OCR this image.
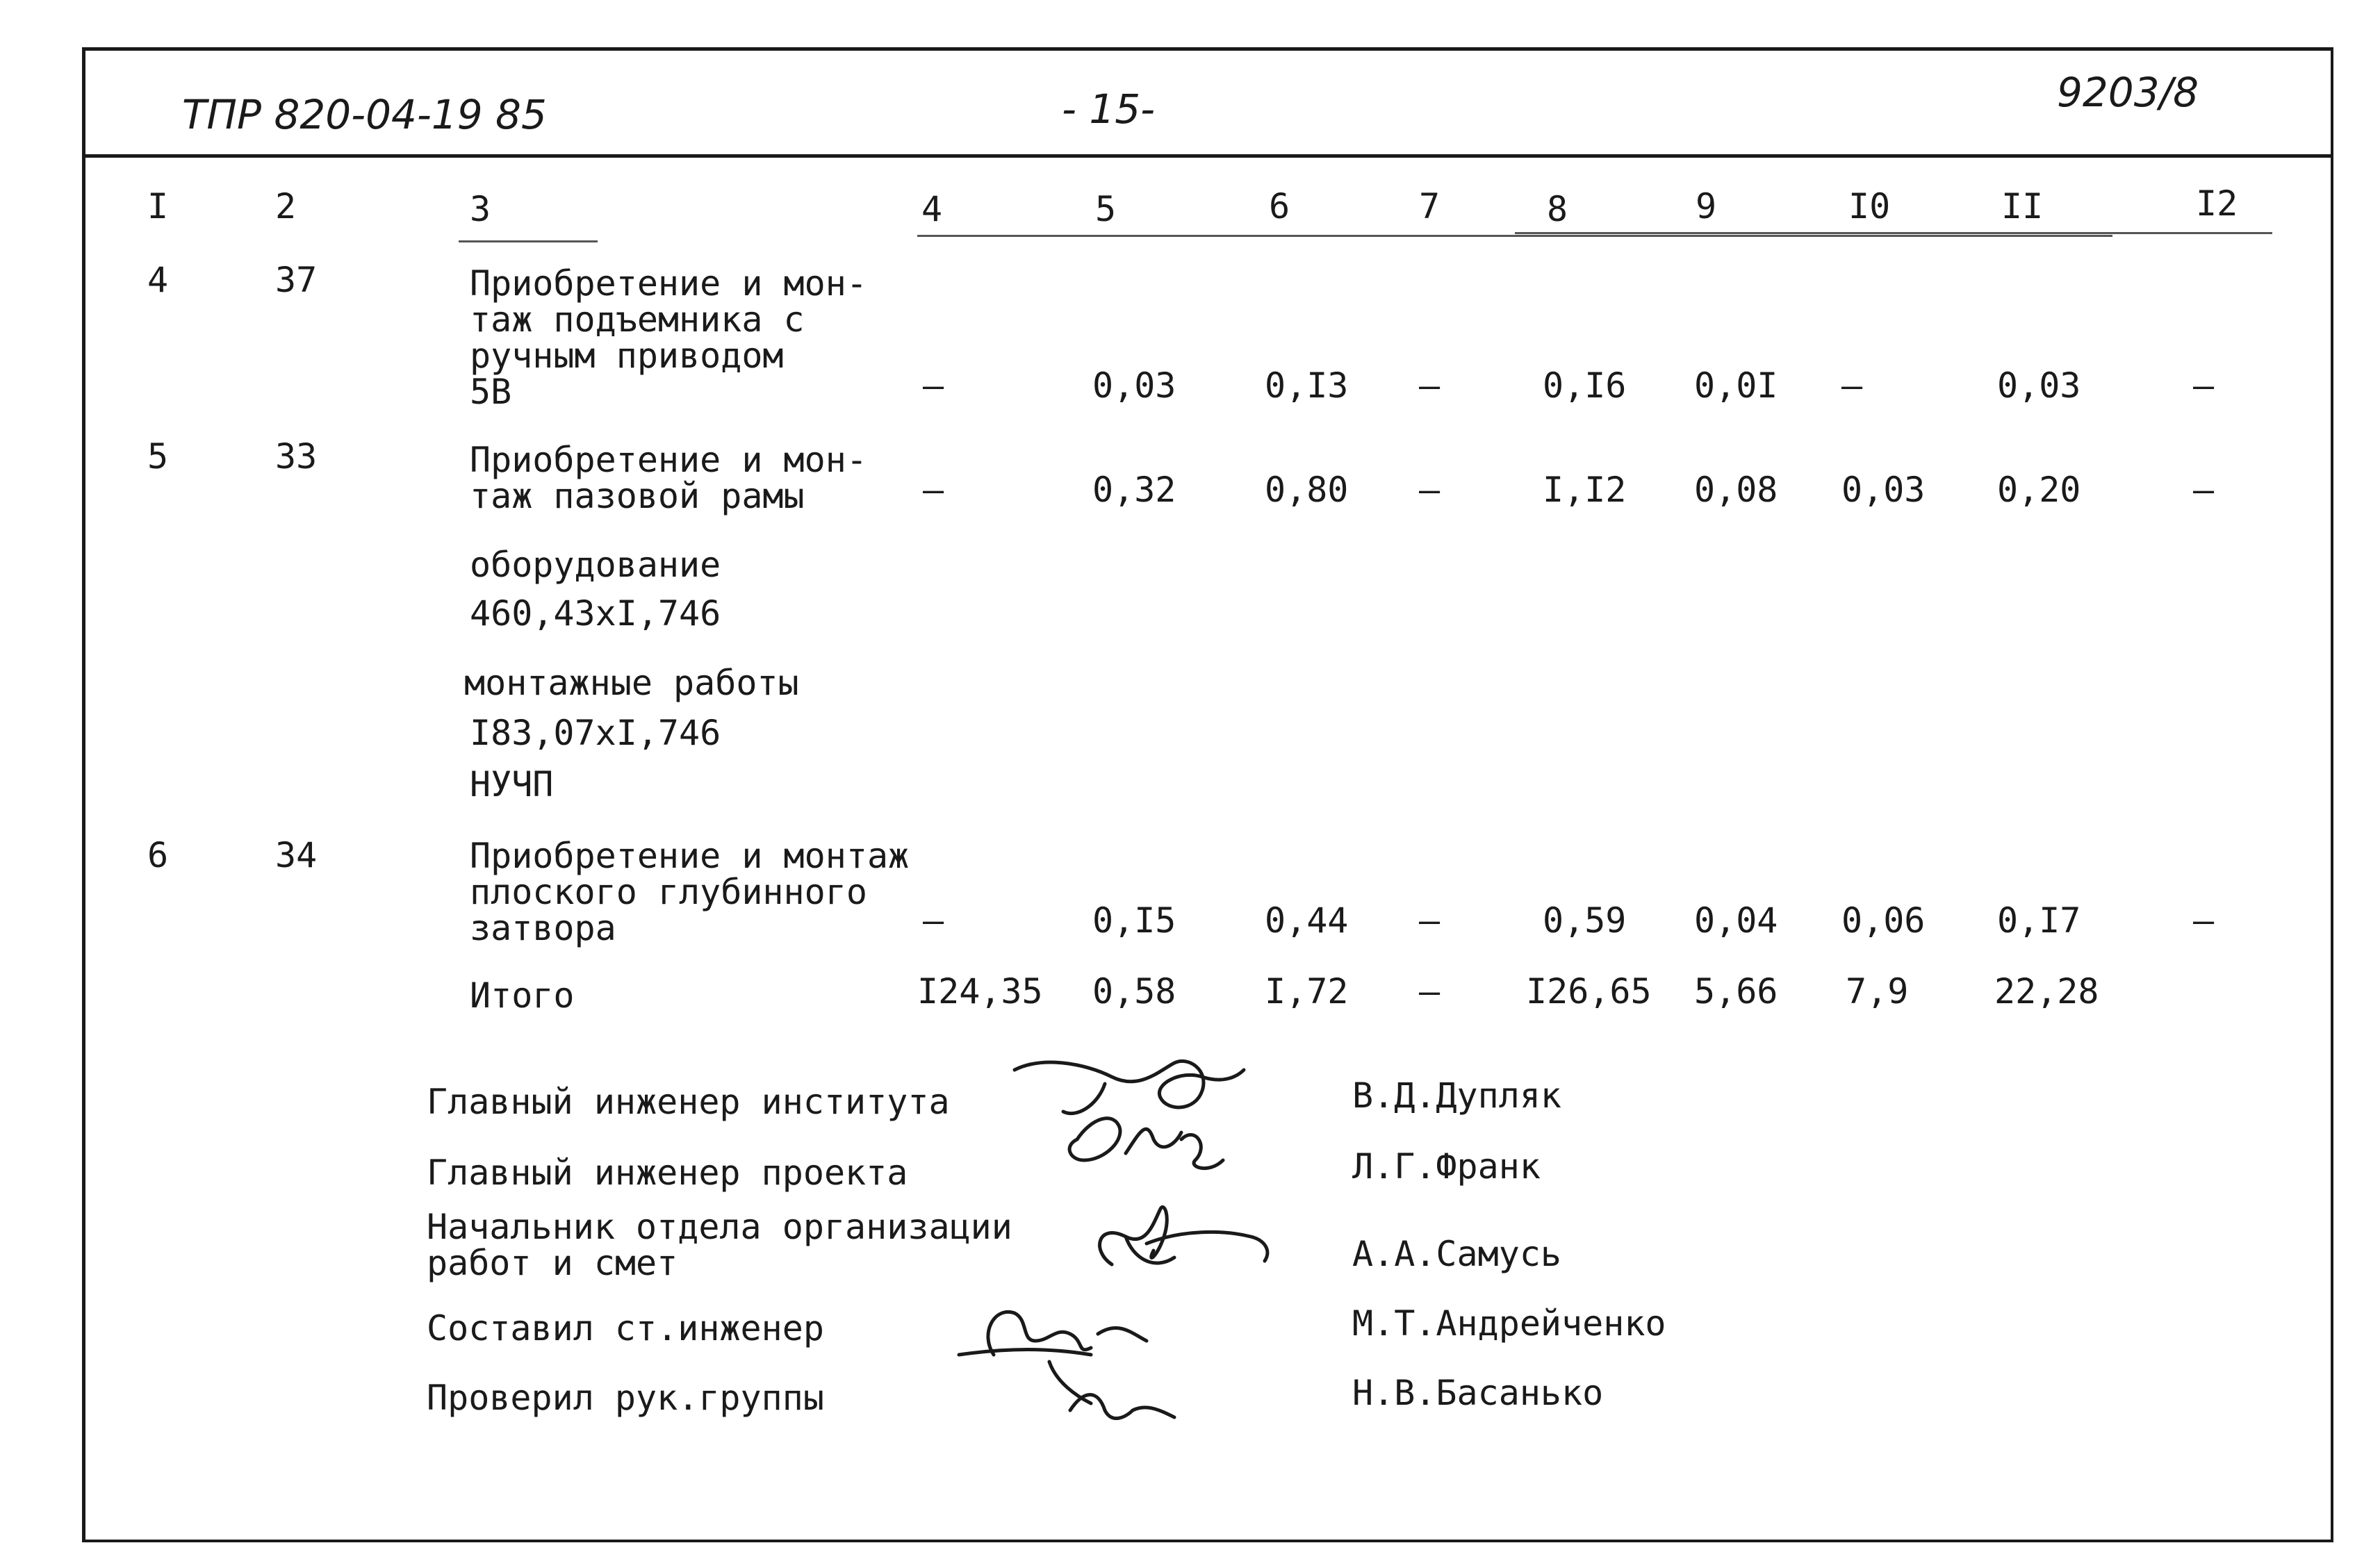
ТПР 820-04-19 85	- 15-	9203/8
I	2	3	4	5	6	7	8	9	I0	II	I2
4	37	Приобретение и мон-
таж подъемника с
ручным приводом
5В	–	0,03	0,I3 –	0,I6 0,0I –	0,03	–
5	33	Приобретение и мон-
таж пазовой рамы	–	0,32	0,80 –	I,I2 0,08 0,03 0,20	–
оборудование
460,43хI,746
монтажные работы
I83,07хI,746
НУЧП
6	34	Приобретение и монтаж
плоского глубинного
затвора	–	0,I5	0,44 –	0,59 0,04 0,06 0,I7	–
Итого	I24,35 0,58	I,72 – I26,65 5,66 7,9 22,28
Главный инженер института	В.Д.Дупляк
Главный инженер проекта	Л.Г.Франк
Начальник отдела организации
работ и смет	А.А.Самусь
Составил ст.инженер	М.Т.Андрейченко
Проверил рук.группы	Н.В.Басанько
